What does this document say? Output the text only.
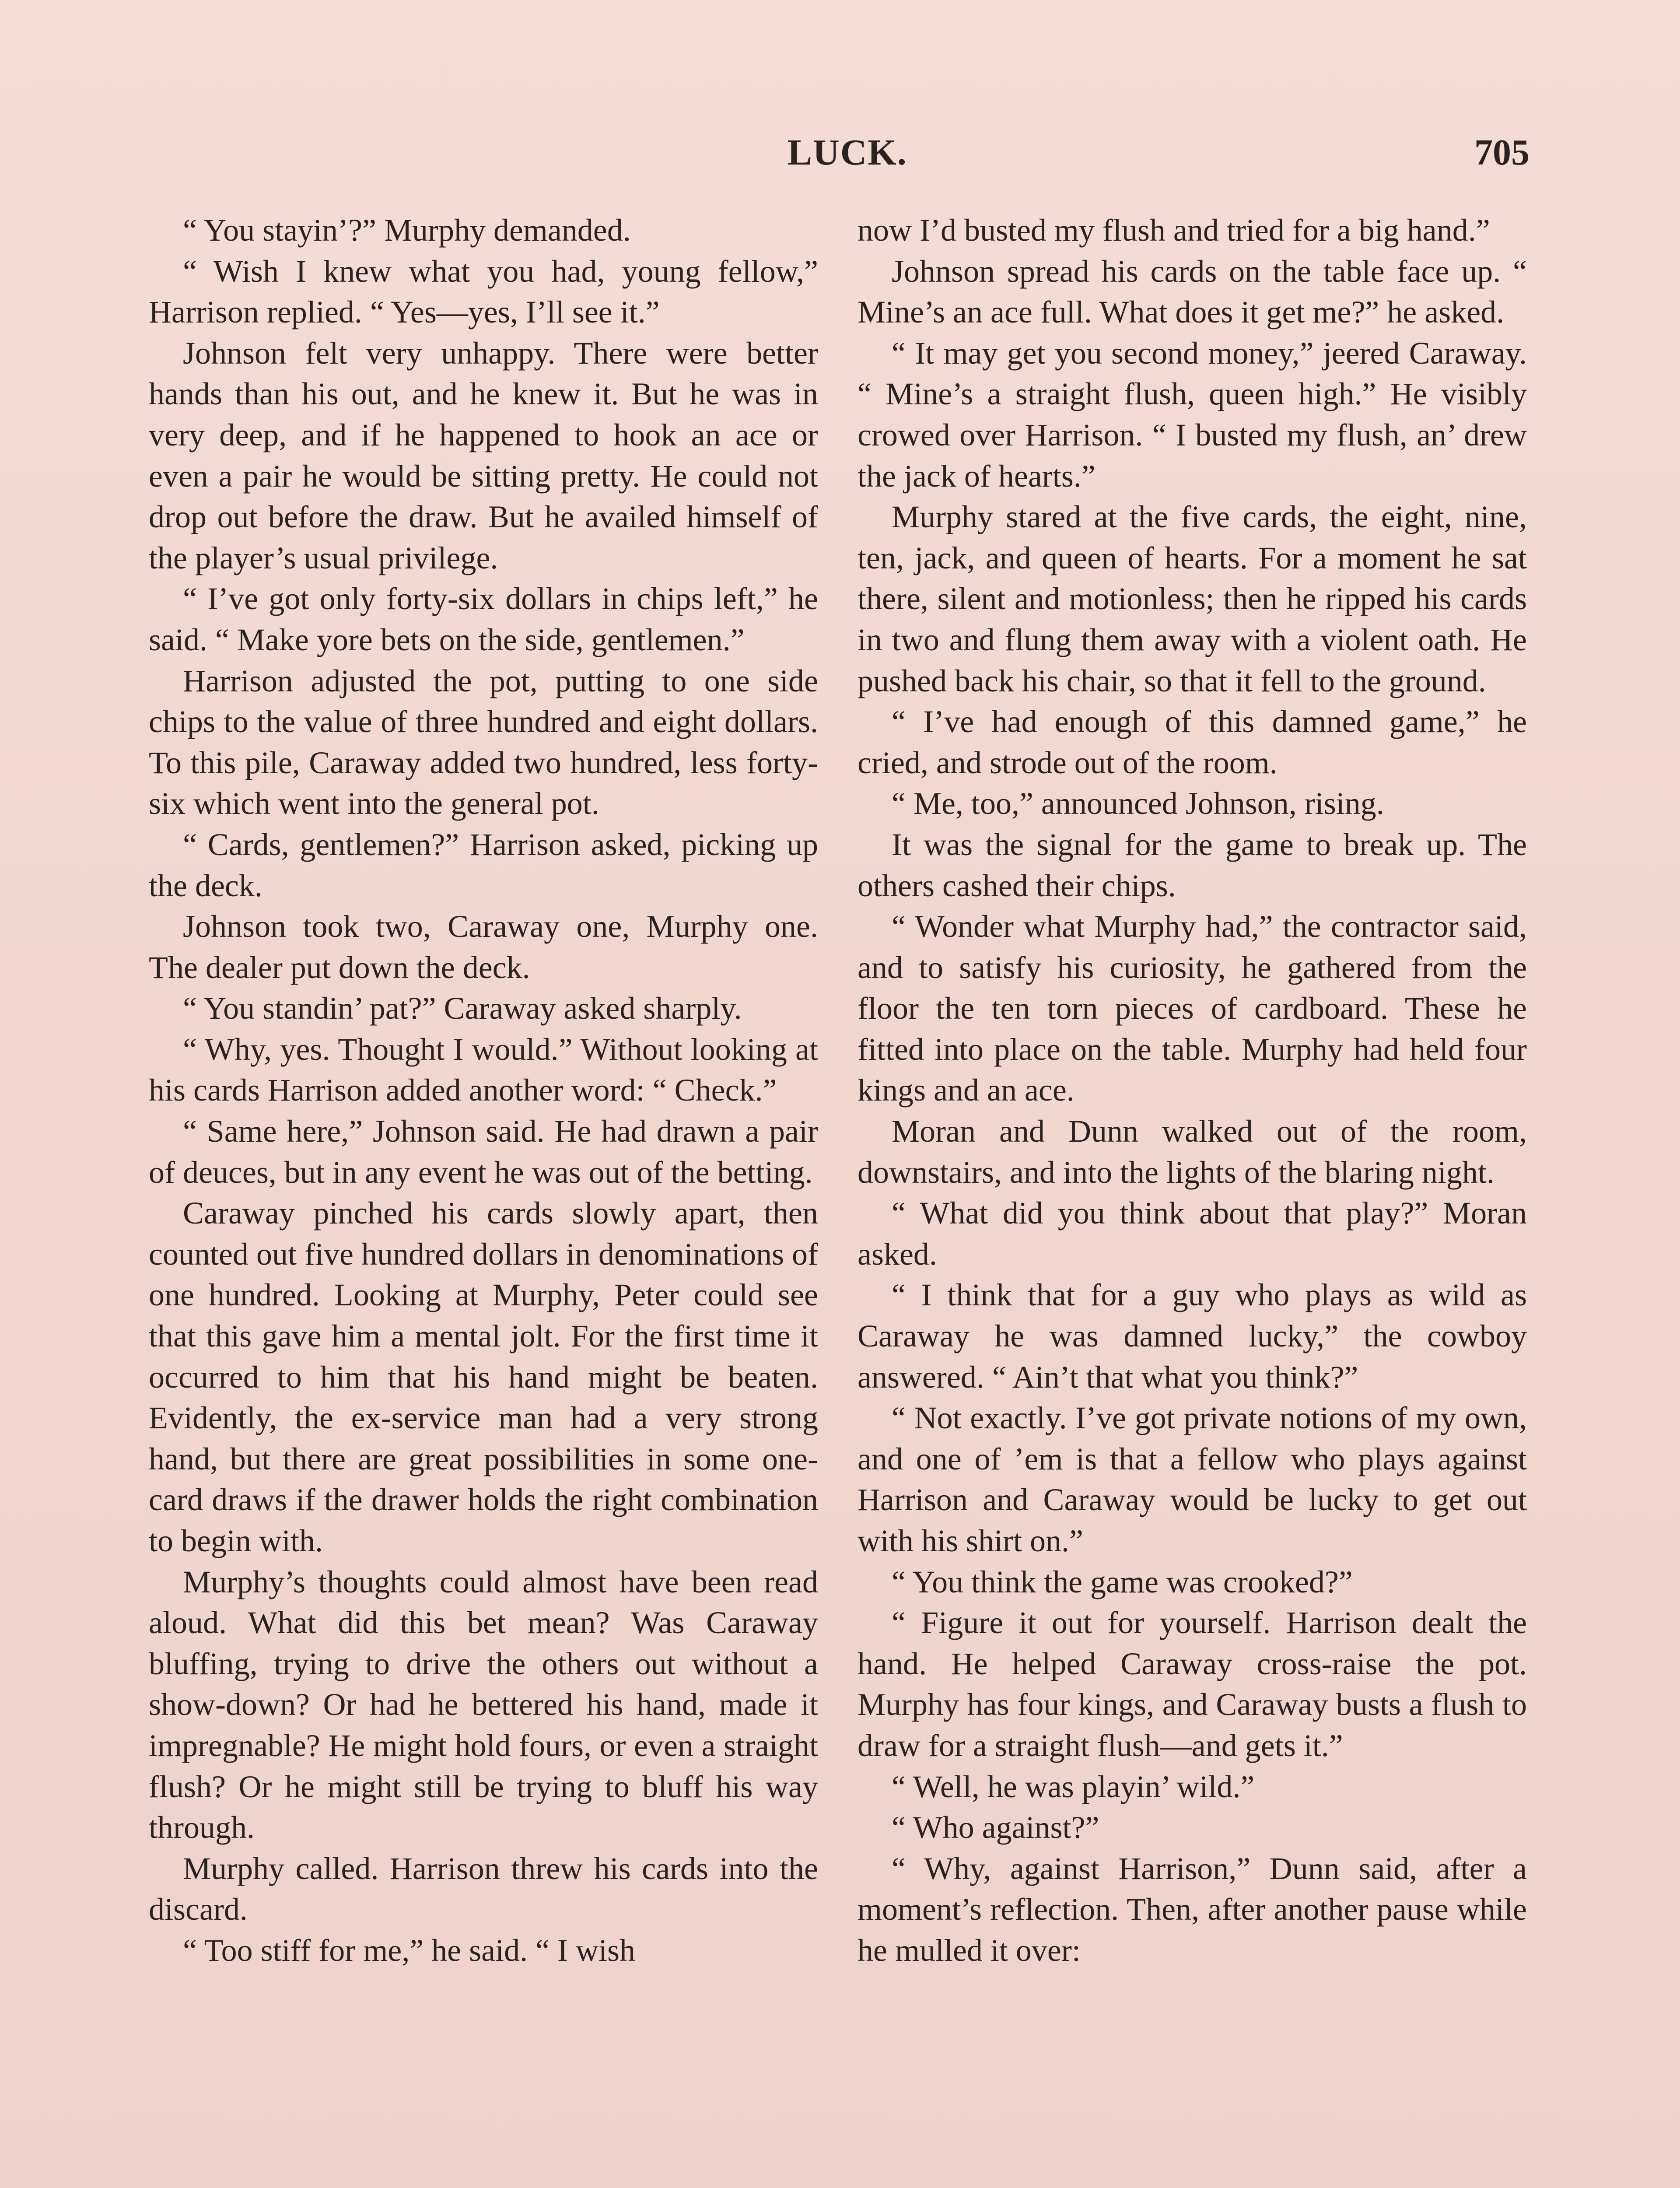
LUCK.	705

“ You stayin’?” Murphy demanded.

“ Wish I knew what you had, young fellow,” Harrison replied. “ Yes—yes, I’ll see it.”

Johnson felt very unhappy. There were better hands than his out, and he knew it. But he was in very deep, and if he happened to hook an ace or even a pair he would be sitting pretty. He could not drop out before the draw. But he availed himself of the player’s usual privilege.

“ I’ve got only forty-six dollars in chips left,” he said. “ Make yore bets on the side, gentlemen.”

Harrison adjusted the pot, putting to one side chips to the value of three hundred and eight dollars. To this pile, Caraway added two hundred, less forty-six which went into the general pot.

“ Cards, gentlemen?” Harrison asked, picking up the deck.

Johnson took two, Caraway one, Murphy one. The dealer put down the deck.

“ You standin’ pat?” Caraway asked sharply.

“ Why, yes. Thought I would.” Without looking at his cards Harrison added another word: “ Check.”

“ Same here,” Johnson said. He had drawn a pair of deuces, but in any event he was out of the betting.

Caraway pinched his cards slowly apart, then counted out five hundred dollars in denominations of one hundred. Looking at Murphy, Peter could see that this gave him a mental jolt. For the first time it occurred to him that his hand might be beaten. Evidently, the ex-service man had a very strong hand, but there are great possibilities in some one-card draws if the drawer holds the right combination to begin with.

Murphy’s thoughts could almost have been read aloud. What did this bet mean? Was Caraway bluffing, trying to drive the others out without a show-down? Or had he bettered his hand, made it impregnable? He might hold fours, or even a straight flush? Or he might still be trying to bluff his way through.

Murphy called. Harrison threw his cards into the discard.

“ Too stiff for me,” he said. “ I wish

now I’d busted my flush and tried for a big hand.”

Johnson spread his cards on the table face up. “ Mine’s an ace full. What does it get me?” he asked.

“ It may get you second money,” jeered Caraway. “ Mine’s a straight flush, queen high.” He visibly crowed over Harrison. “ I busted my flush, an’ drew the jack of hearts.”

Murphy stared at the five cards, the eight, nine, ten, jack, and queen of hearts. For a moment he sat there, silent and motionless; then he ripped his cards in two and flung them away with a violent oath. He pushed back his chair, so that it fell to the ground.

“ I’ve had enough of this damned game,” he cried, and strode out of the room.

“ Me, too,” announced Johnson, rising.

It was the signal for the game to break up. The others cashed their chips.

“ Wonder what Murphy had,” the contractor said, and to satisfy his curiosity, he gathered from the floor the ten torn pieces of cardboard. These he fitted into place on the table. Murphy had held four kings and an ace.

Moran and Dunn walked out of the room, downstairs, and into the lights of the blaring night.

“ What did you think about that play?” Moran asked.

“ I think that for a guy who plays as wild as Caraway he was damned lucky,” the cowboy answered. “ Ain’t that what you think?”

“ Not exactly. I’ve got private notions of my own, and one of ’em is that a fellow who plays against Harrison and Caraway would be lucky to get out with his shirt on.”

“ You think the game was crooked?”

“ Figure it out for yourself. Harrison dealt the hand. He helped Caraway cross-raise the pot. Murphy has four kings, and Caraway busts a flush to draw for a straight flush—and gets it.”

“ Well, he was playin’ wild.”

“ Who against?”

“ Why, against Harrison,” Dunn said, after a moment’s reflection. Then, after another pause while he mulled it over:
